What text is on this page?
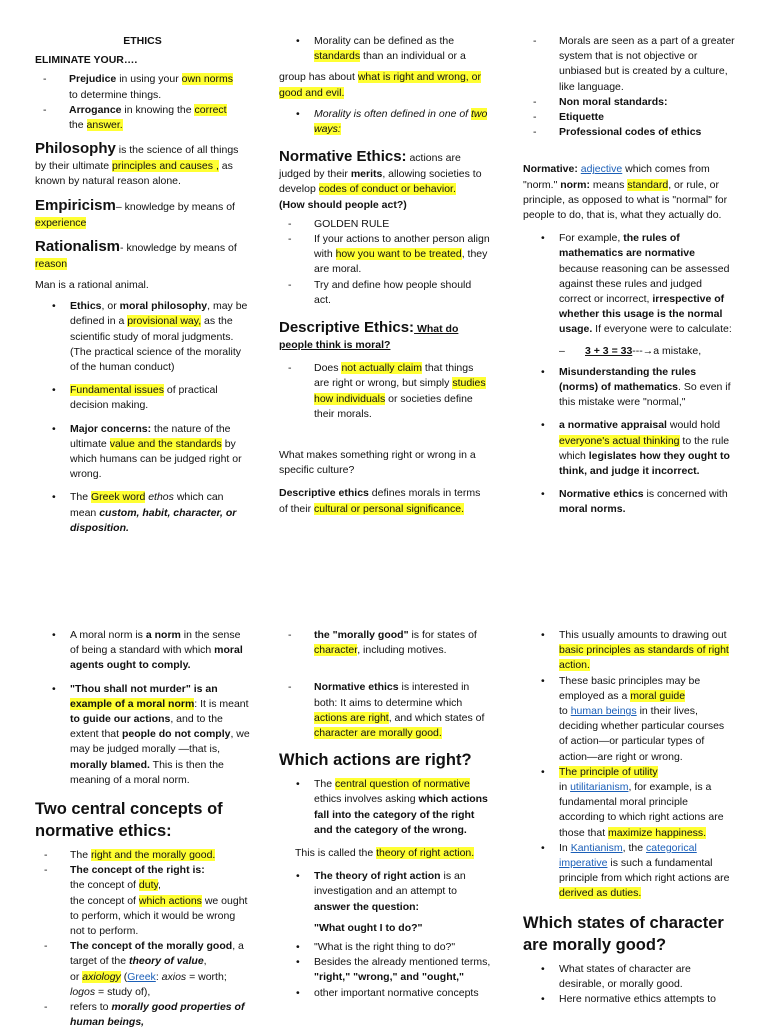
ETHICS

ELIMINATE YOUR….

- Prejudice in using your own norms
to determine things.
- Arrogance in knowing the correct
the answer.

Philosophy is the science of all things by their ultimate principles and causes , as known by natural reason alone.

Empiricism– knowledge by means of experience

Rationalism- knowledge by means of reason

Man is a rational animal.

• Ethics, or moral philosophy, may be defined in a provisional way, as the scientific study of moral judgments. (The practical science of the morality of the human conduct)
• Fundamental issues of practical decision making.
• Major concerns: the nature of the ultimate value and the standards by which humans can be judged right or wrong.
• The Greek word ethos which can mean custom, habit, character, or disposition.
• Morality can be defined as the standards than an individual or a

group has about what is right and wrong, or good and evil.

• Morality is often defined in one of two ways:

Normative Ethics: actions are judged by their merits, allowing societies to develop codes of conduct or behavior.
(How should people act?)

- GOLDEN RULE
- If your actions to another person align with how you want to be treated, they are moral.
- Try and define how people should act.

Descriptive Ethics: What do people think is moral?

- Does not actually claim that things are right or wrong, but simply studies how individuals or societies define their morals.

What makes something right or wrong in a specific culture?

Descriptive ethics defines morals in terms of their cultural or personal significance.

- Morals are seen as a part of a greater system that is not objective or unbiased but is created by a culture, like language.
- Non moral standards:
- Etiquette
- Professional codes of ethics

Normative: adjective which comes from "norm." norm: means standard, or rule, or principle, as opposed to what is "normal" for people to do, that is, what they actually do.

• For example, the rules of mathematics are normative because reasoning can be assessed against these rules and judged correct or incorrect, irrespective of whether this usage is the normal usage. If everyone were to calculate:
– 3 + 3 = 33---→a mistake,
• Misunderstanding the rules (norms) of mathematics. So even if this mistake were "normal,"
• a normative appraisal would hold everyone's actual thinking to the rule which legislates how they ought to think, and judge it incorrect.
• Normative ethics is concerned with moral norms.
• A moral norm is a norm in the sense of being a standard with which moral agents ought to comply.
• "Thou shall not murder" is an example of a moral norm: It is meant to guide our actions, and to the extent that people do not comply, we may be judged morally —that is, morally blamed. This is then the meaning of a moral norm.

Two central concepts of normative ethics:

- The right and the morally good.
- The concept of the right is:
the concept of duty,
the concept of which actions we ought to perform, which it would be wrong not to perform.
- The concept of the morally good, a target of the theory of value,
or axiology (Greek: axios = worth; logos = study of),
- refers to morally good properties of human beings,
- the "morally good" is for states of character, including motives.
- Normative ethics is interested in both: It aims to determine which actions are right, and which states of character are morally good.

Which actions are right?

• The central question of normative ethics involves asking which actions fall into the category of the right and the category of the wrong.

This is called the theory of right action.

• The theory of right action is an investigation and an attempt to answer the question:

"What ought I to do?"

• "What is the right thing to do?"
• Besides the already mentioned terms, "right," "wrong," and "ought,"
• other important normative concepts
• This usually amounts to drawing out basic principles as standards of right action.
• These basic principles may be employed as a moral guide
to human beings in their lives, deciding whether particular courses of action—or particular types of action—are right or wrong.
• The principle of utility
in utilitarianism, for example, is a fundamental moral principle according to which right actions are those that maximize happiness.
• In Kantianism, the categorical imperative is such a fundamental principle from which right actions are derived as duties.

Which states of character are morally good?

• What states of character are desirable, or morally good.
• Here normative ethics attempts to
